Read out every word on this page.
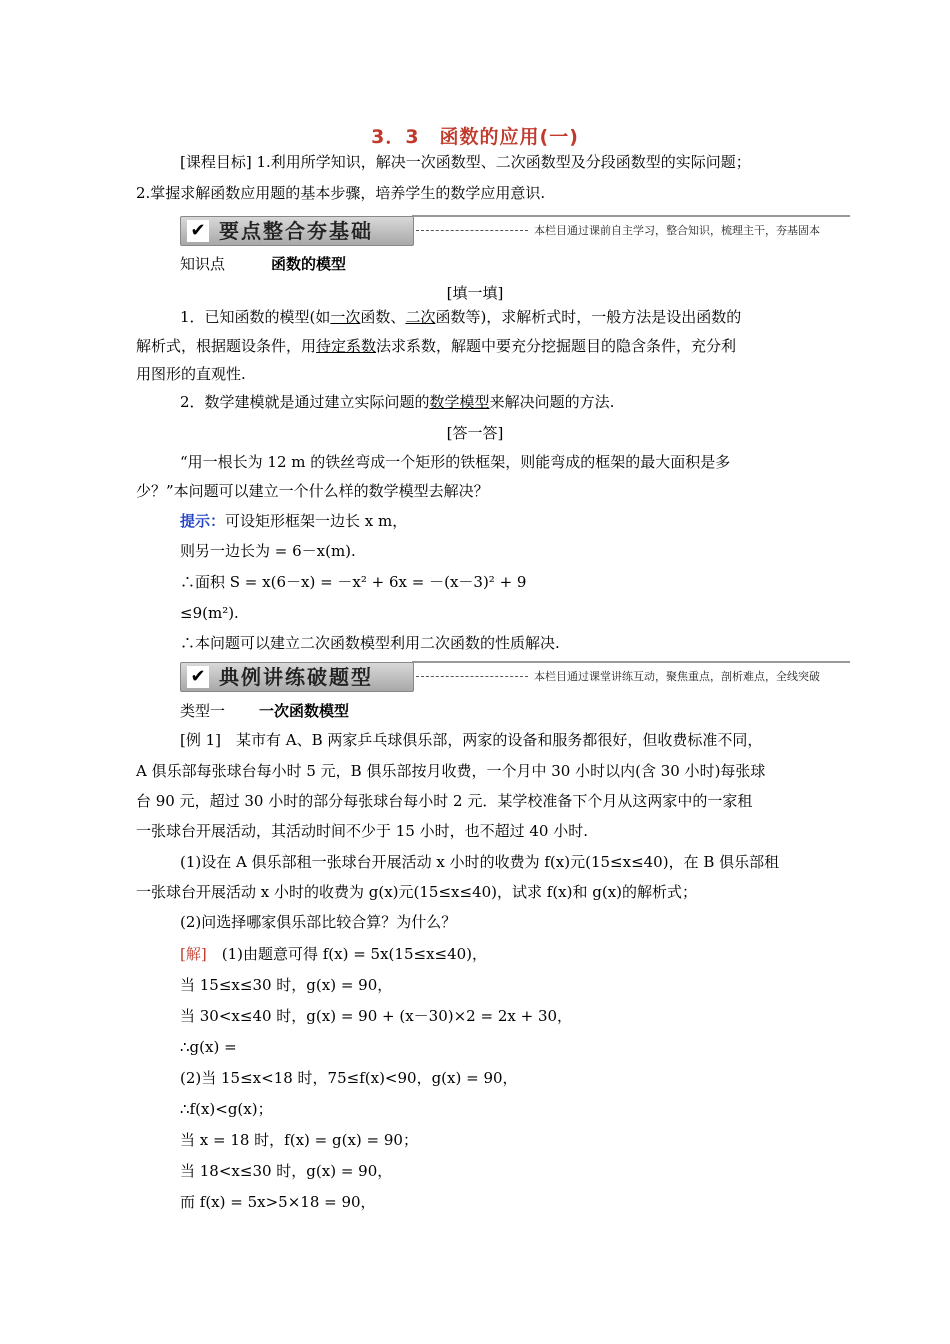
3．3　函数的应用(一)
[课程目标] 1.利用所学知识，解决一次函数型、二次函数型及分段函数型的实际问题；
2.掌握求解函数应用题的基本步骤，培养学生的数学应用意识.
✔ 要点整合夯基础	本栏目通过课前自主学习，整合知识，梳理主干，夯基固本
知识点	函数的模型
[填一填]
1．已知函数的模型(如一次函数、二次函数等)，求解析式时，一般方法是设出函数的
解析式，根据题设条件，用待定系数法求系数，解题中要充分挖掘题目的隐含条件，充分利
用图形的直观性.
2．数学建模就是通过建立实际问题的数学模型来解决问题的方法.
[答一答]
“用一根长为 12 m 的铁丝弯成一个矩形的铁框架，则能弯成的框架的最大面积是多
少？”本问题可以建立一个什么样的数学模型去解决？
提示：可设矩形框架一边长 x m，
则另一边长为 = 6－x(m).
∴面积 S = x(6－x) = －x² + 6x = －(x－3)² + 9
≤9(m²).
∴本问题可以建立二次函数模型利用二次函数的性质解决.
✔ 典例讲练破题型	本栏目通过课堂讲练互动，聚焦重点，剖析难点，全线突破
类型一 一次函数模型
[例 1]　某市有 A、B 两家乒乓球俱乐部，两家的设备和服务都很好，但收费标准不同，
A 俱乐部每张球台每小时 5 元，B 俱乐部按月收费，一个月中 30 小时以内(含 30 小时)每张球
台 90 元，超过 30 小时的部分每张球台每小时 2 元．某学校准备下个月从这两家中的一家租
一张球台开展活动，其活动时间不少于 15 小时，也不超过 40 小时.
(1)设在 A 俱乐部租一张球台开展活动 x 小时的收费为 f(x)元(15≤x≤40)，在 B 俱乐部租
一张球台开展活动 x 小时的收费为 g(x)元(15≤x≤40)，试求 f(x)和 g(x)的解析式；
(2)问选择哪家俱乐部比较合算？为什么？
[解]　(1)由题意可得 f(x) = 5x(15≤x≤40)，
当 15≤x≤30 时，g(x) = 90，
当 30<x≤40 时，g(x) = 90 + (x－30)×2 = 2x + 30，
∴g(x) =
(2)当 15≤x<18 时，75≤f(x)<90，g(x) = 90，
∴f(x)<g(x)；
当 x = 18 时，f(x) = g(x) = 90；
当 18<x≤30 时，g(x) = 90，
而 f(x) = 5x>5×18 = 90，
